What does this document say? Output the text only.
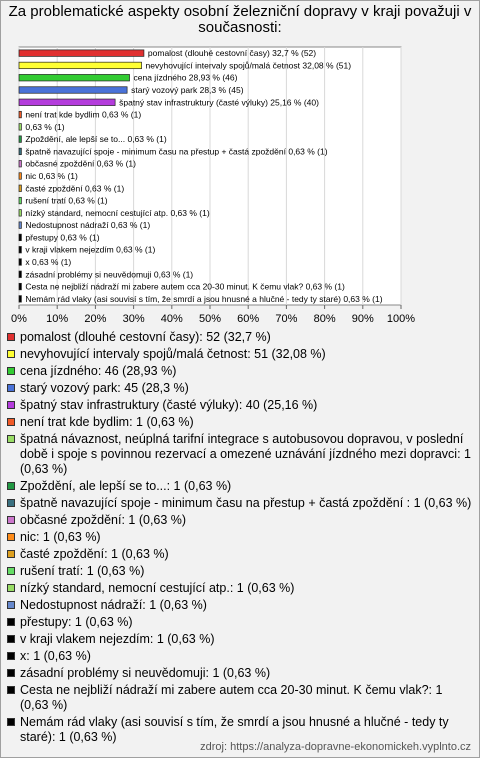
Za problematické aspekty osobní železniční dopravy v kraji považuji v současnosti:
0% 10% 20% 30% 40% 50% 60% 70% 80% 90% 100%
pomalost (dlouhé cestovní časy) 32,7 % (52)
nevyhovující intervaly spojů/malá četnost 32,08 % (51)
cena jízdného 28,93 % (46)
starý vozový park 28,3 % (45)
špatný stav infrastruktury (časté výluky) 25,16 % (40)
není trat kde bydlim 0,63 % (1)
0,63 % (1)
Zpoždění, ale lepší se to... 0,63 % (1)
špatně navazující spoje - minimum času na přestup + častá zpoždění 0,63 % (1)
občasné zpoždění 0,63 % (1)
nic 0,63 % (1)
časté zpoždění 0,63 % (1)
rušení tratí 0,63 % (1)
nízký standard, nemocní cestující atp. 0,63 % (1)
Nedostupnost nádraží 0,63 % (1)
přestupy 0,63 % (1)
v kraji vlakem nejezdím 0,63 % (1)
x 0,63 % (1)
zásadní problémy si neuvědomuji 0,63 % (1)
Cesta ne nejbliží nádraží mi zabere autem cca 20-30 minut. K čemu vlak? 0,63 % (1)
Nemám rád vlaky (asi souvisí s tím, že smrdí a jsou hnusné a hlučné - tedy ty staré) 0,63 % (1)
pomalost (dlouhé cestovní časy): 52 (32,7 %)
nevyhovující intervaly spojů/malá četnost: 51 (32,08 %)
cena jízdného: 46 (28,93 %)
starý vozový park: 45 (28,3 %)
špatný stav infrastruktury (časté výluky): 40 (25,16 %)
není trat kde bydlim: 1 (0,63 %)
špatná návaznost, neúplná tarifní integrace s autobusovou dopravou, v poslední době i spoje s povinnou rezervací a omezené uznávání jízdného mezi dopravci: 1 (0,63 %)
Zpoždění, ale lepší se to...: 1 (0,63 %)
špatně navazující spoje - minimum času na přestup + častá zpoždění : 1 (0,63 %)
občasné zpoždění: 1 (0,63 %)
nic: 1 (0,63 %)
časté zpoždění: 1 (0,63 %)
rušení tratí: 1 (0,63 %)
nízký standard, nemocní cestující atp.: 1 (0,63 %)
Nedostupnost nádraží: 1 (0,63 %)
přestupy: 1 (0,63 %)
v kraji vlakem nejezdím: 1 (0,63 %)
x: 1 (0,63 %)
zásadní problémy si neuvědomuji: 1 (0,63 %)
Cesta ne nejbliží nádraží mi zabere autem cca 20-30 minut. K čemu vlak?: 1 (0,63 %)
Nemám rád vlaky (asi souvisí s tím, že smrdí a jsou hnusné a hlučné - tedy ty staré): 1 (0,63 %)
zdroj: https://analyza-dopravne-ekonomickeh.vyplnto.cz
